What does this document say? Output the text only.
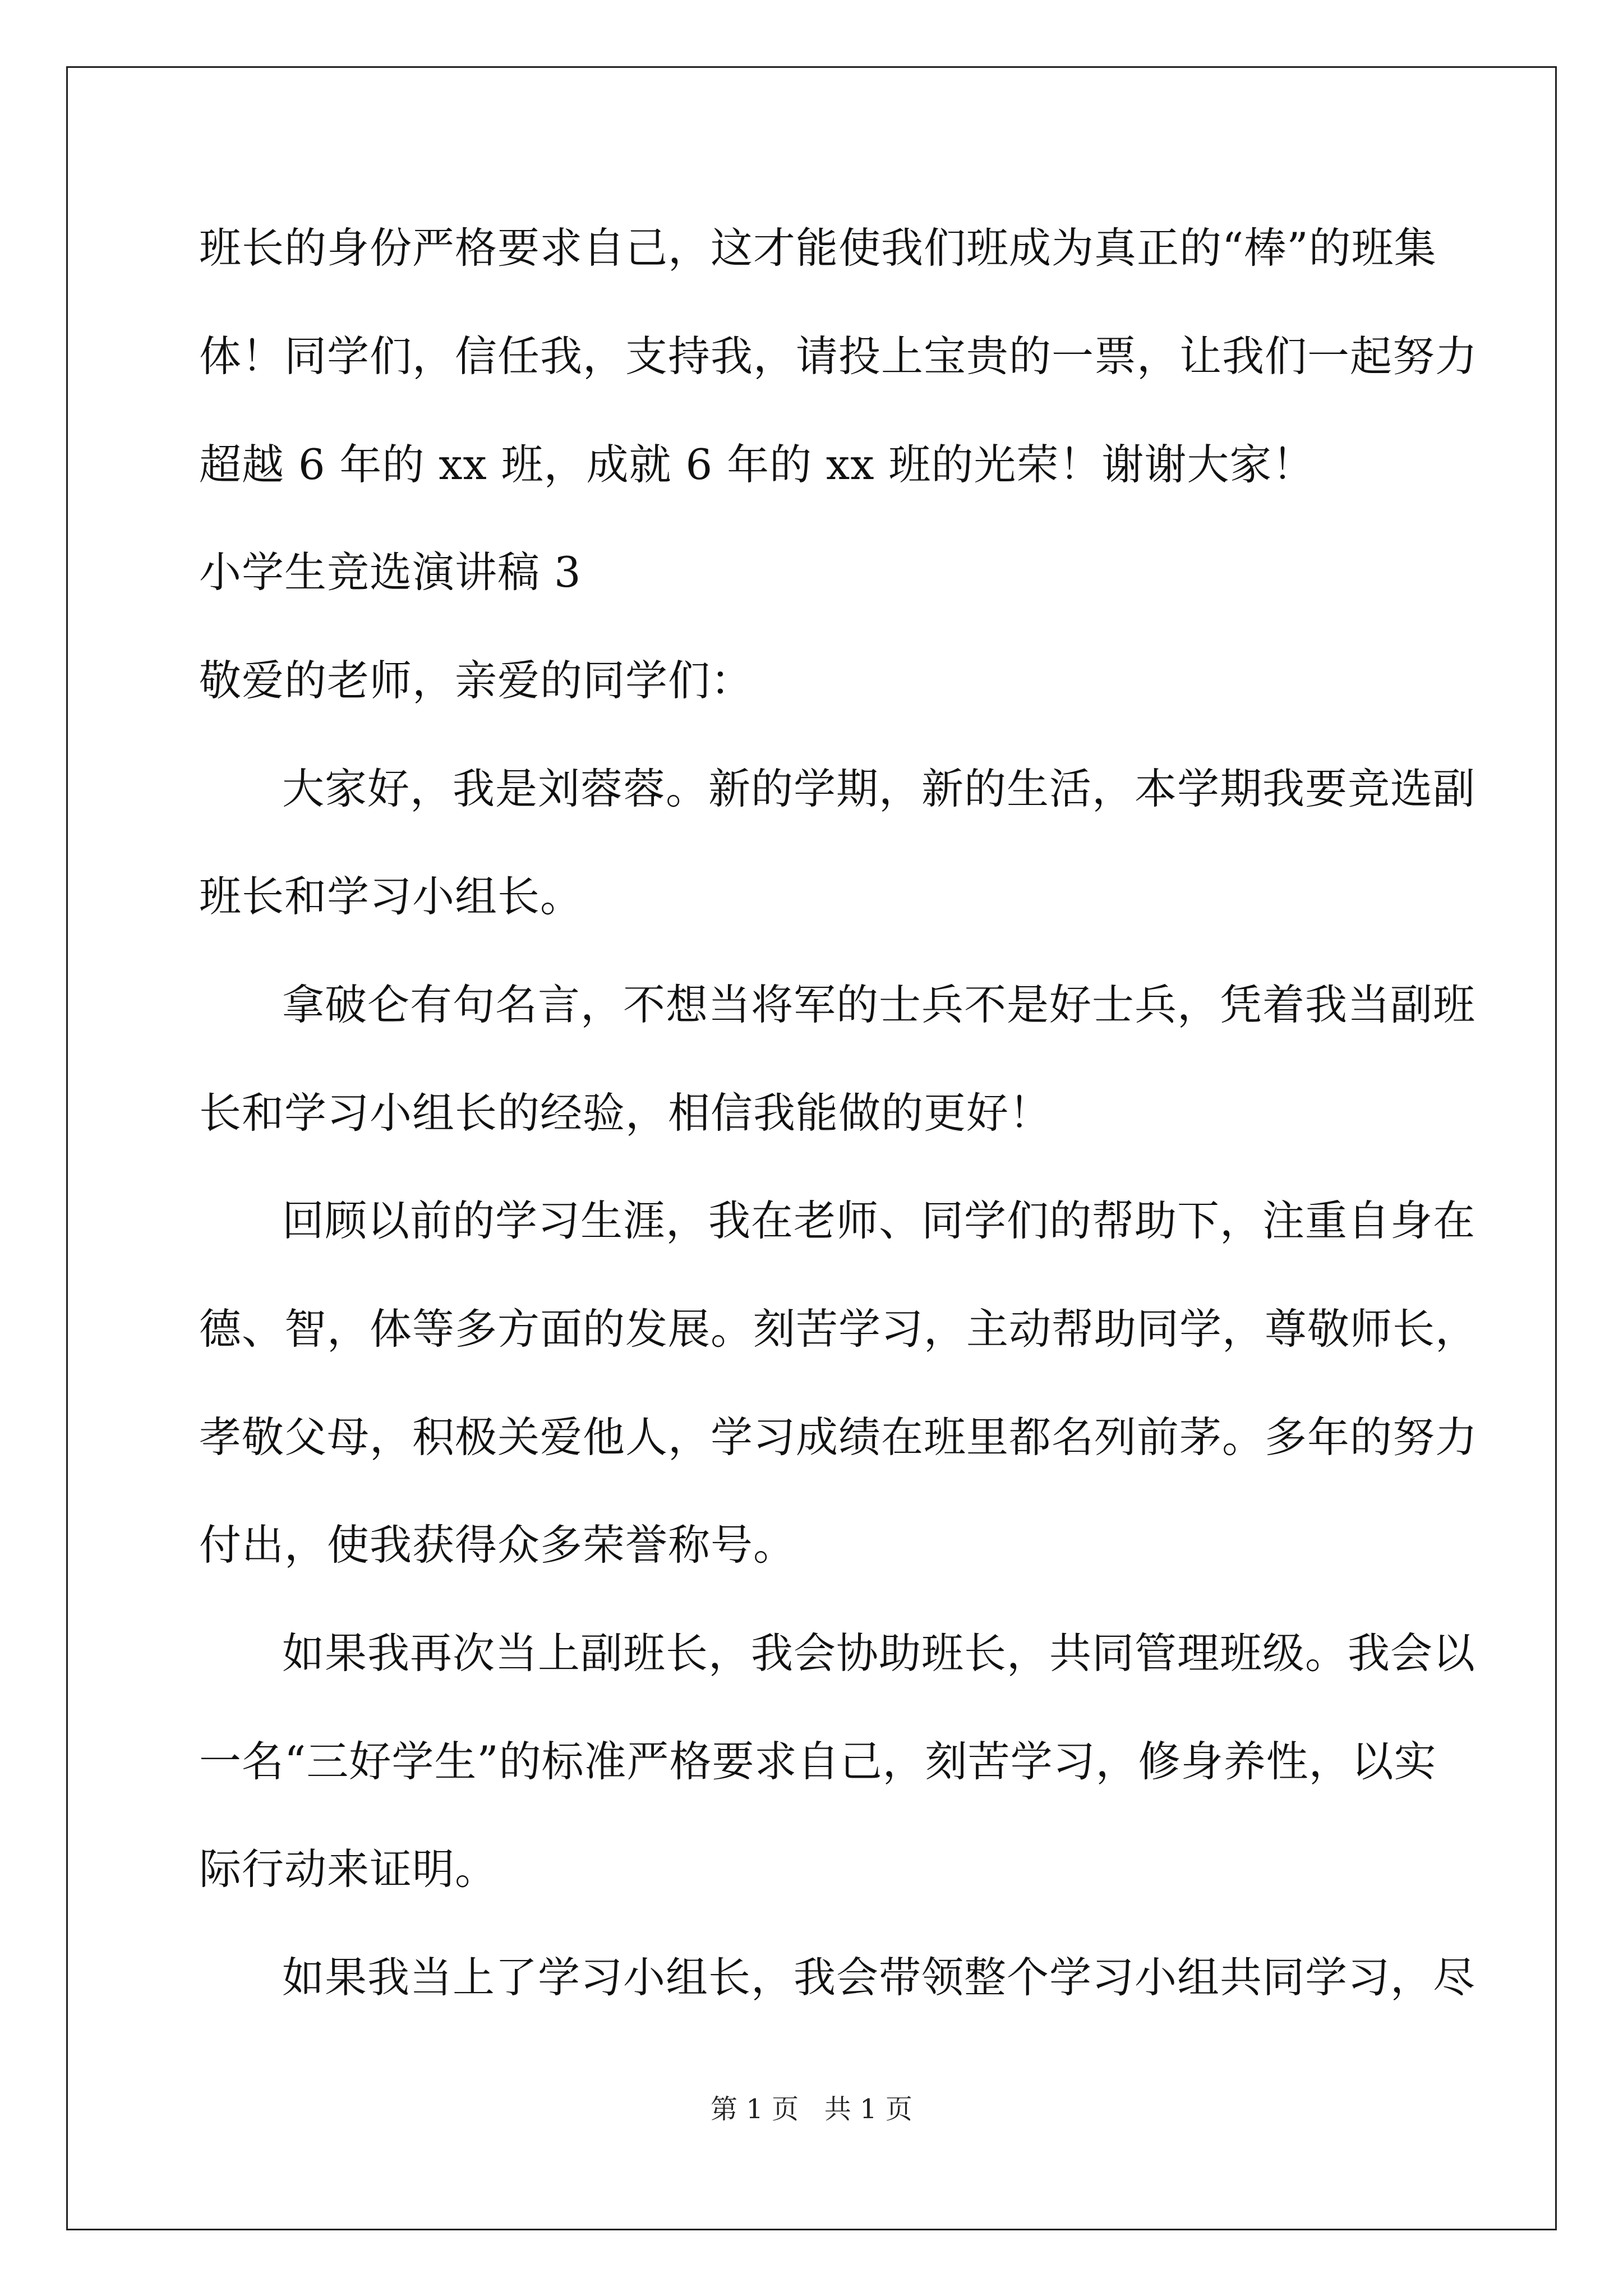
班长的身份严格要求自己，这才能使我们班成为真正的“棒”的班集
体！同学们，信任我，支持我，请投上宝贵的一票，让我们一起努力
超越 6 年的 xx 班，成就 6 年的 xx 班的光荣！谢谢大家！
小学生竞选演讲稿 3
敬爱的老师，亲爱的同学们：
大家好，我是刘蓉蓉。新的学期，新的生活，本学期我要竞选副
班长和学习小组长。
拿破仑有句名言，不想当将军的士兵不是好士兵，凭着我当副班
长和学习小组长的经验，相信我能做的更好！
回顾以前的学习生涯，我在老师、同学们的帮助下，注重自身在
德、智，体等多方面的发展。刻苦学习，主动帮助同学，尊敬师长，
孝敬父母，积极关爱他人，学习成绩在班里都名列前茅。多年的努力
付出，使我获得众多荣誉称号。
如果我再次当上副班长，我会协助班长，共同管理班级。我会以
一名“三好学生”的标准严格要求自己，刻苦学习，修身养性，以实
际行动来证明。
如果我当上了学习小组长，我会带领整个学习小组共同学习，尽
第 1 页   共 1 页
